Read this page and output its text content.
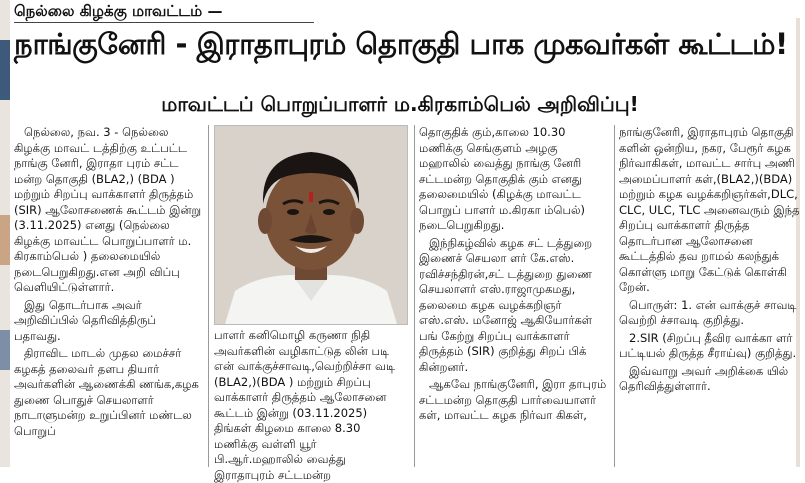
நெல்லை கிழக்கு மாவட்டம் —
நாங்குனேரி - இராதாபுரம் தொகுதி பாக முகவர்கள் கூட்டம்!
மாவட்டப் பொறுப்பாளர் ம.கிரகாம்பெல் அறிவிப்பு!

நெல்லை, நவ. 3 - நெல்லை கிழக்கு மாவட் டத்திற்கு உட்பட்ட நாங்கு னேரி, இராதா புரம் சட்ட மன்ற தொகுதி (BLA2,) (BDA ) மற்றும் சிறப்பு வாக்காளர் திருத்தம் (SIR) ஆலோசணைக் கூட்டம் இன்று (3.11.2025) எனது (நெல்லை கிழக்கு மாவட்ட பொறுப்பாளர் ம. கிரகாம்பெல் ) தலைமையில் நடைபெறுகிறது.என அறி விப்பு வெளியிட்டுள்ளார்.

இது தொடர்பாக அவர் அறிவிப்பில் தெரிவித்திருப் பதாவது.

திராவிட மாடல் முதல மைச்சர் கழகத் தலைவர் தளப தியார் அவர்களின் ஆணைக்கி ணங்க,கழக துணை பொதுச் செயலாளர் நாடாளுமன்ற உறுப்பினர் மண்டல பொறுப்

பாளர் கனிமொழி கருணா நிதி அவர்களின் வழிகாட்டுத லின் படி என் வாக்குச்சாவடி,வெற்றிச்சா வடி (BLA2,)(BDA ) மற்றும் சிறப்பு வாக்காளர் திருத்தம் ஆலோசனை கூட்டம் இன்று (03.11.2025) திங்கள் கிழமை காலை 8.30 மணிக்கு வள்ளி யூர் பி.ஆர்.மஹாலில் வைத்து இராதாபுரம் சட்டமன்ற

தொகுதிக் கும்,காலை 10.30 மணிக்கு செங்குளம் அழகு மஹாலில் வைத்து நாங்கு னேரி சட்டமன்ற தொகுதிக் கும் எனது தலைமையில் (கிழக்கு மாவட்ட பொறுப் பாளர் ம.கிரகா ம்பெல்) நடைபெறுகிறது.

இந்நிகழ்வில் கழக சட் டத்துறை இணைச் செயலா ளர் கே.எஸ். ரவிச்சந்திரன்,சட் டத்துறை துணை செயலாளர் எஸ்.ராஜாமுகமது, தலைமை கழக வழக்கறிஞர் எஸ்.எஸ். மனோஜ் ஆகியோர்கள் பங் கேற்று சிறப்பு வாக்காளர் திருத்தம் (SIR) குறித்து சிறப் பிக் கின்றனர்.

ஆகவே நாங்குனேரி, இரா தாபுரம் சட்டமன்ற தொகுதி பார்வையாளர் கள், மாவட்ட கழக நிர்வா கிகள்,

நாங்குனேரி, இராதாபுரம் தொகுதி களின் ஒன்றிய, நகர, பேரூர் கழக நிர்வாகிகள், மாவட்ட சார்பு அணி அமைப்பாளர் கள்,(BLA2,)(BDA) மற்றும் கழக வழக்கறிஞர்கள்,DLC, CLC, ULC, TLC அனைவரும் இந்த சிறப்பு வாக்காளர் திருத்த தொடர்பான ஆலோசனை கூட்டத்தில் தவ றாமல் கலந்துக் கொள்ளு மாறு கேட்டுக் கொள்கி றேன்.

பொருள்: 1. என் வாக்குச் சாவடி வெற்றி ச்சாவடி குறித்து.

2.SIR (சிறப்பு தீவிர வாக்கா ளர் பட்டியல் திருத்த சீராய்வு) குறித்து.

இவ்வாறு அவர் அறிக்கை யில் தெரிவித்துள்ளார்.
